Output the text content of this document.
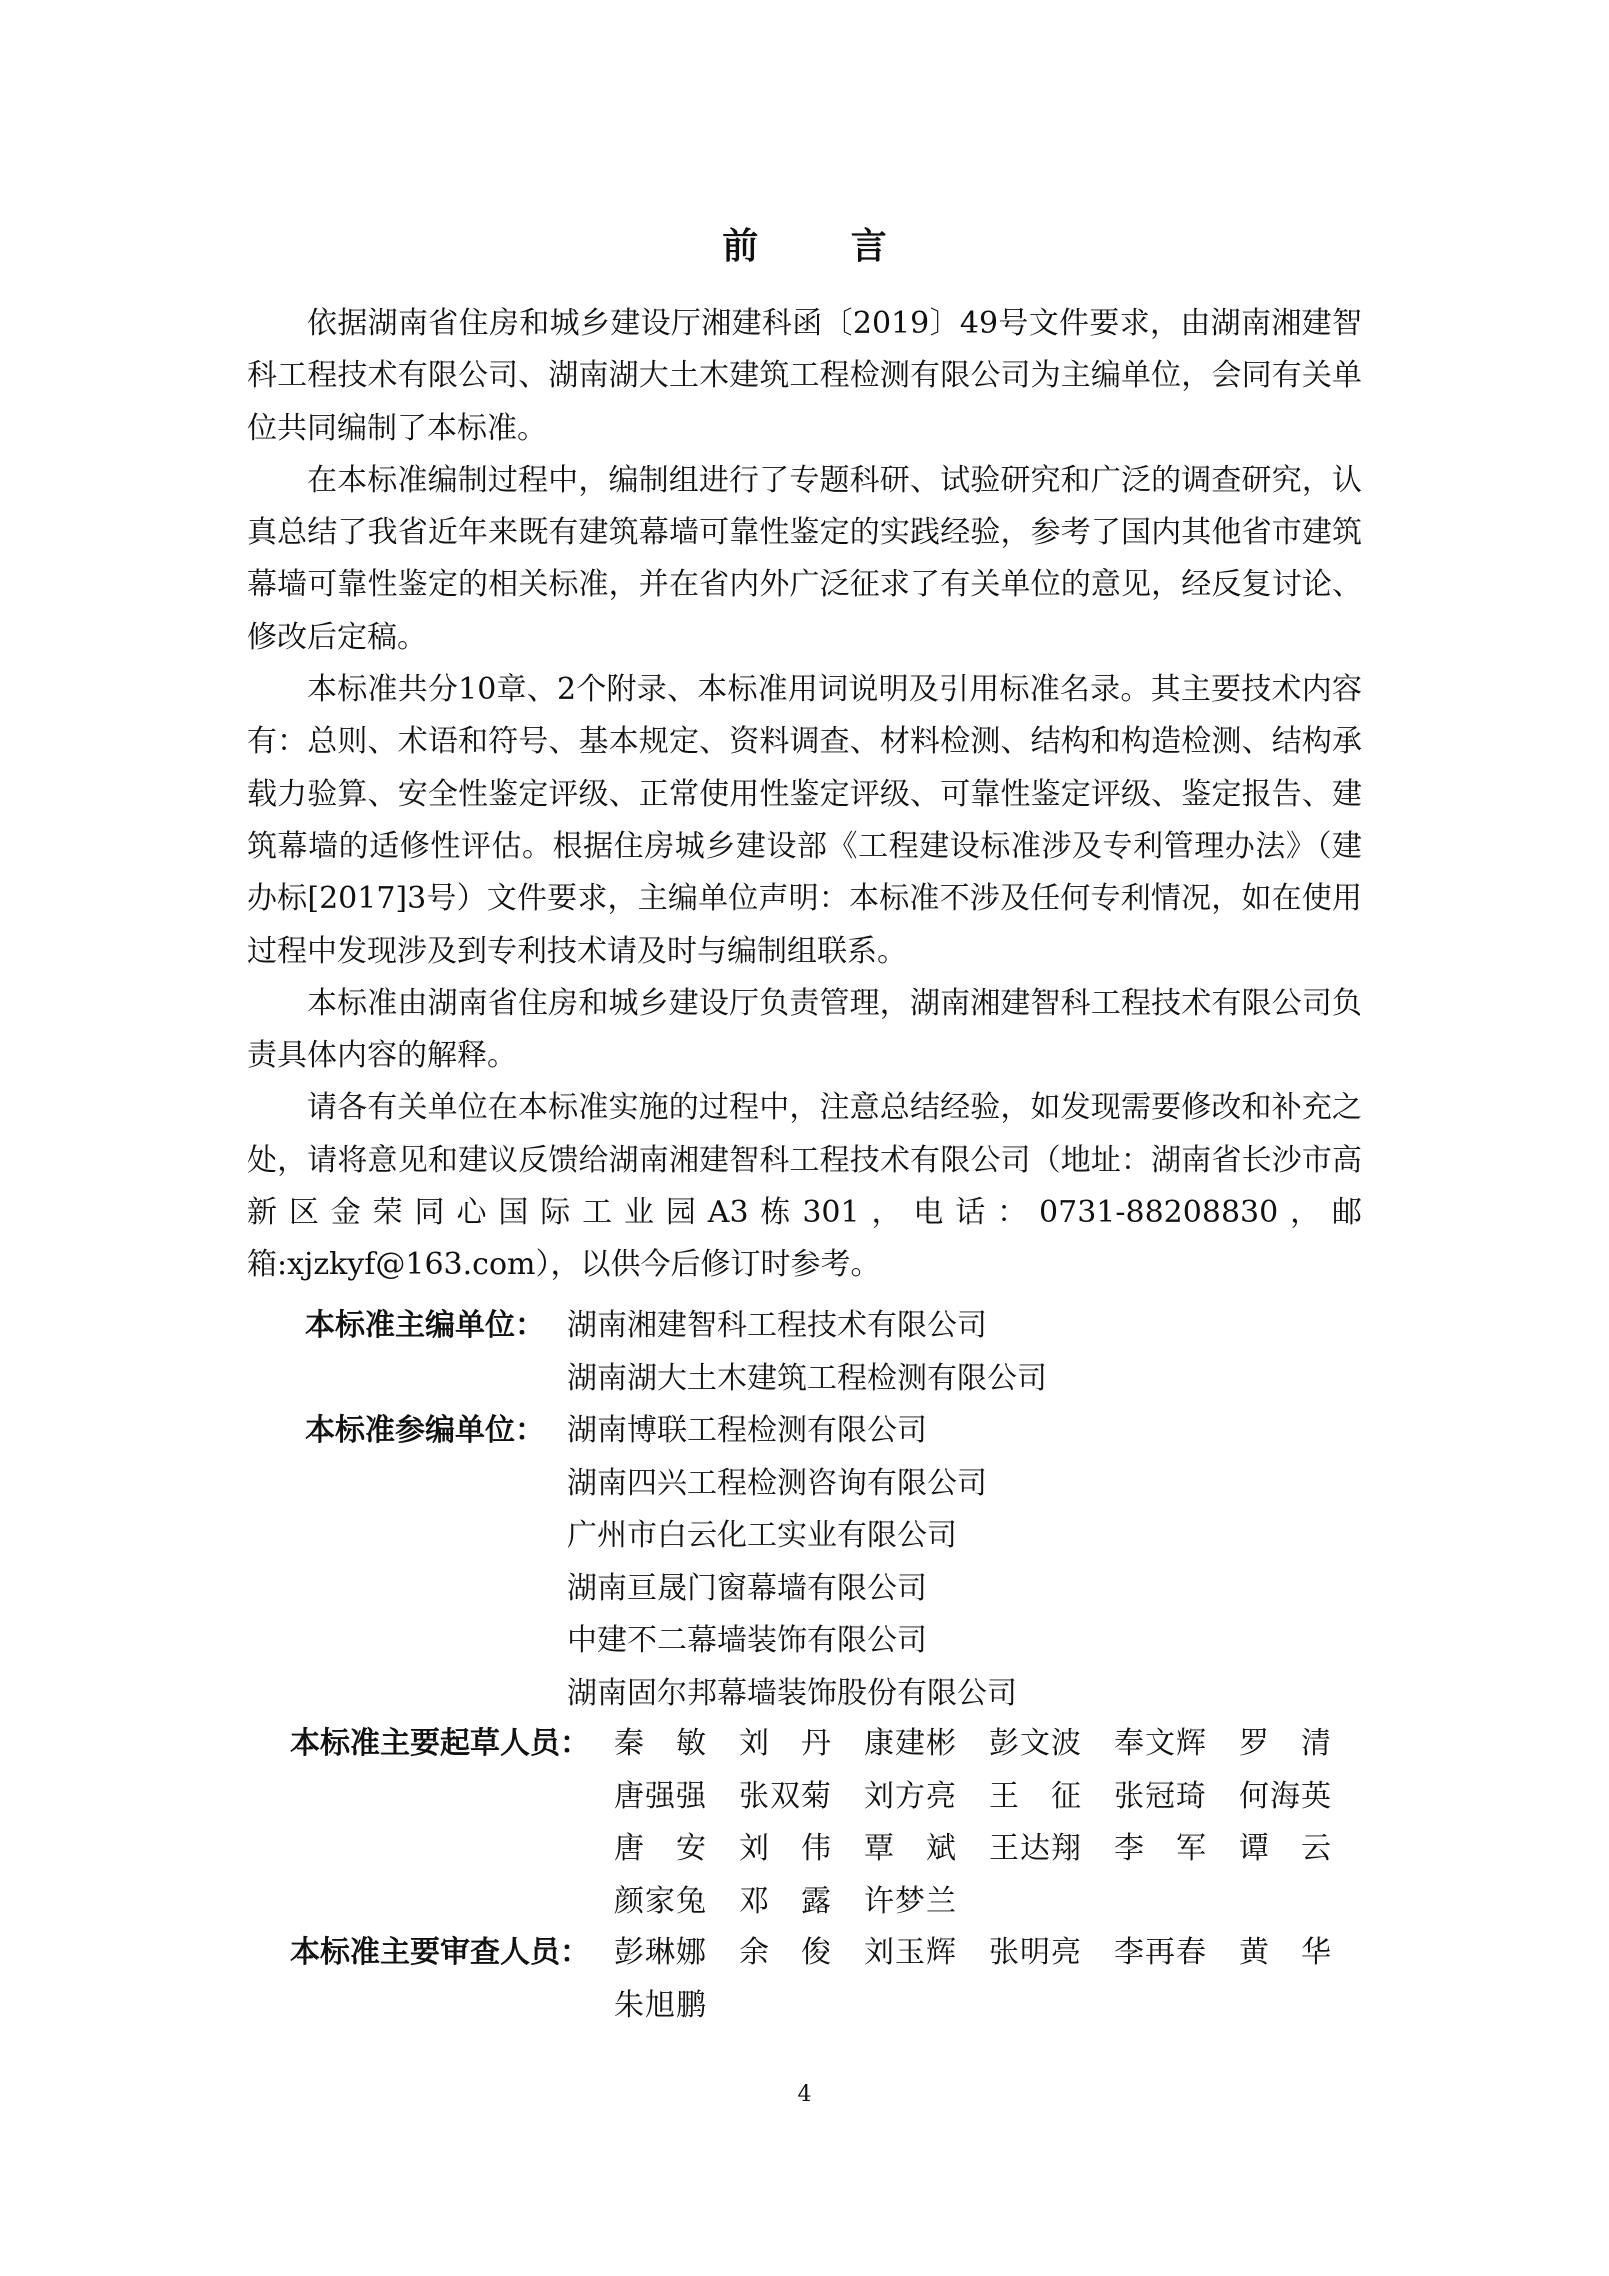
前 言

依据湖南省住房和城乡建设厅湘建科函〔2019〕49号文件要求，由湖南湘建智科工程技术有限公司、湖南湖大土木建筑工程检测有限公司为主编单位，会同有关单位共同编制了本标准。

在本标准编制过程中，编制组进行了专题科研、试验研究和广泛的调查研究，认真总结了我省近年来既有建筑幕墙可靠性鉴定的实践经验，参考了国内其他省市建筑幕墙可靠性鉴定的相关标准，并在省内外广泛征求了有关单位的意见，经反复讨论、修改后定稿。

本标准共分10章、2个附录、本标准用词说明及引用标准名录。其主要技术内容有：总则、术语和符号、基本规定、资料调查、材料检测、结构和构造检测、结构承载力验算、安全性鉴定评级、正常使用性鉴定评级、可靠性鉴定评级、鉴定报告、建筑幕墙的适修性评估。根据住房城乡建设部《工程建设标准涉及专利管理办法》（建办标[2017]3号）文件要求，主编单位声明：本标准不涉及任何专利情况，如在使用过程中发现涉及到专利技术请及时与编制组联系。

本标准由湖南省住房和城乡建设厅负责管理，湖南湘建智科工程技术有限公司负责具体内容的解释。

请各有关单位在本标准实施的过程中，注意总结经验，如发现需要修改和补充之处，请将意见和建议反馈给湖南湘建智科工程技术有限公司（地址：湖南省长沙市高新区金荣同心国际工业园A3栋301，电话：0731-88208830，邮箱:xjzkyf@163.com），以供今后修订时参考。

本标准主编单位： 湖南湘建智科工程技术有限公司
湖南湖大土木建筑工程检测有限公司
本标准参编单位： 湖南博联工程检测有限公司
湖南四兴工程检测咨询有限公司
广州市白云化工实业有限公司
湖南亘晟门窗幕墙有限公司
中建不二幕墙装饰有限公司
湖南固尔邦幕墙装饰股份有限公司
本标准主要起草人员： 秦　敏	刘　丹	康建彬	彭文波	奉文辉	罗　清
唐强强	张双菊	刘方亮	王　征	张冠琦	何海英
唐　安	刘　伟	覃　斌	王达翔	李　军	谭　云
颜家兔	邓　露	许梦兰
本标准主要审查人员： 彭琳娜	余　俊	刘玉辉	张明亮	李再春	黄　华
朱旭鹏
4
